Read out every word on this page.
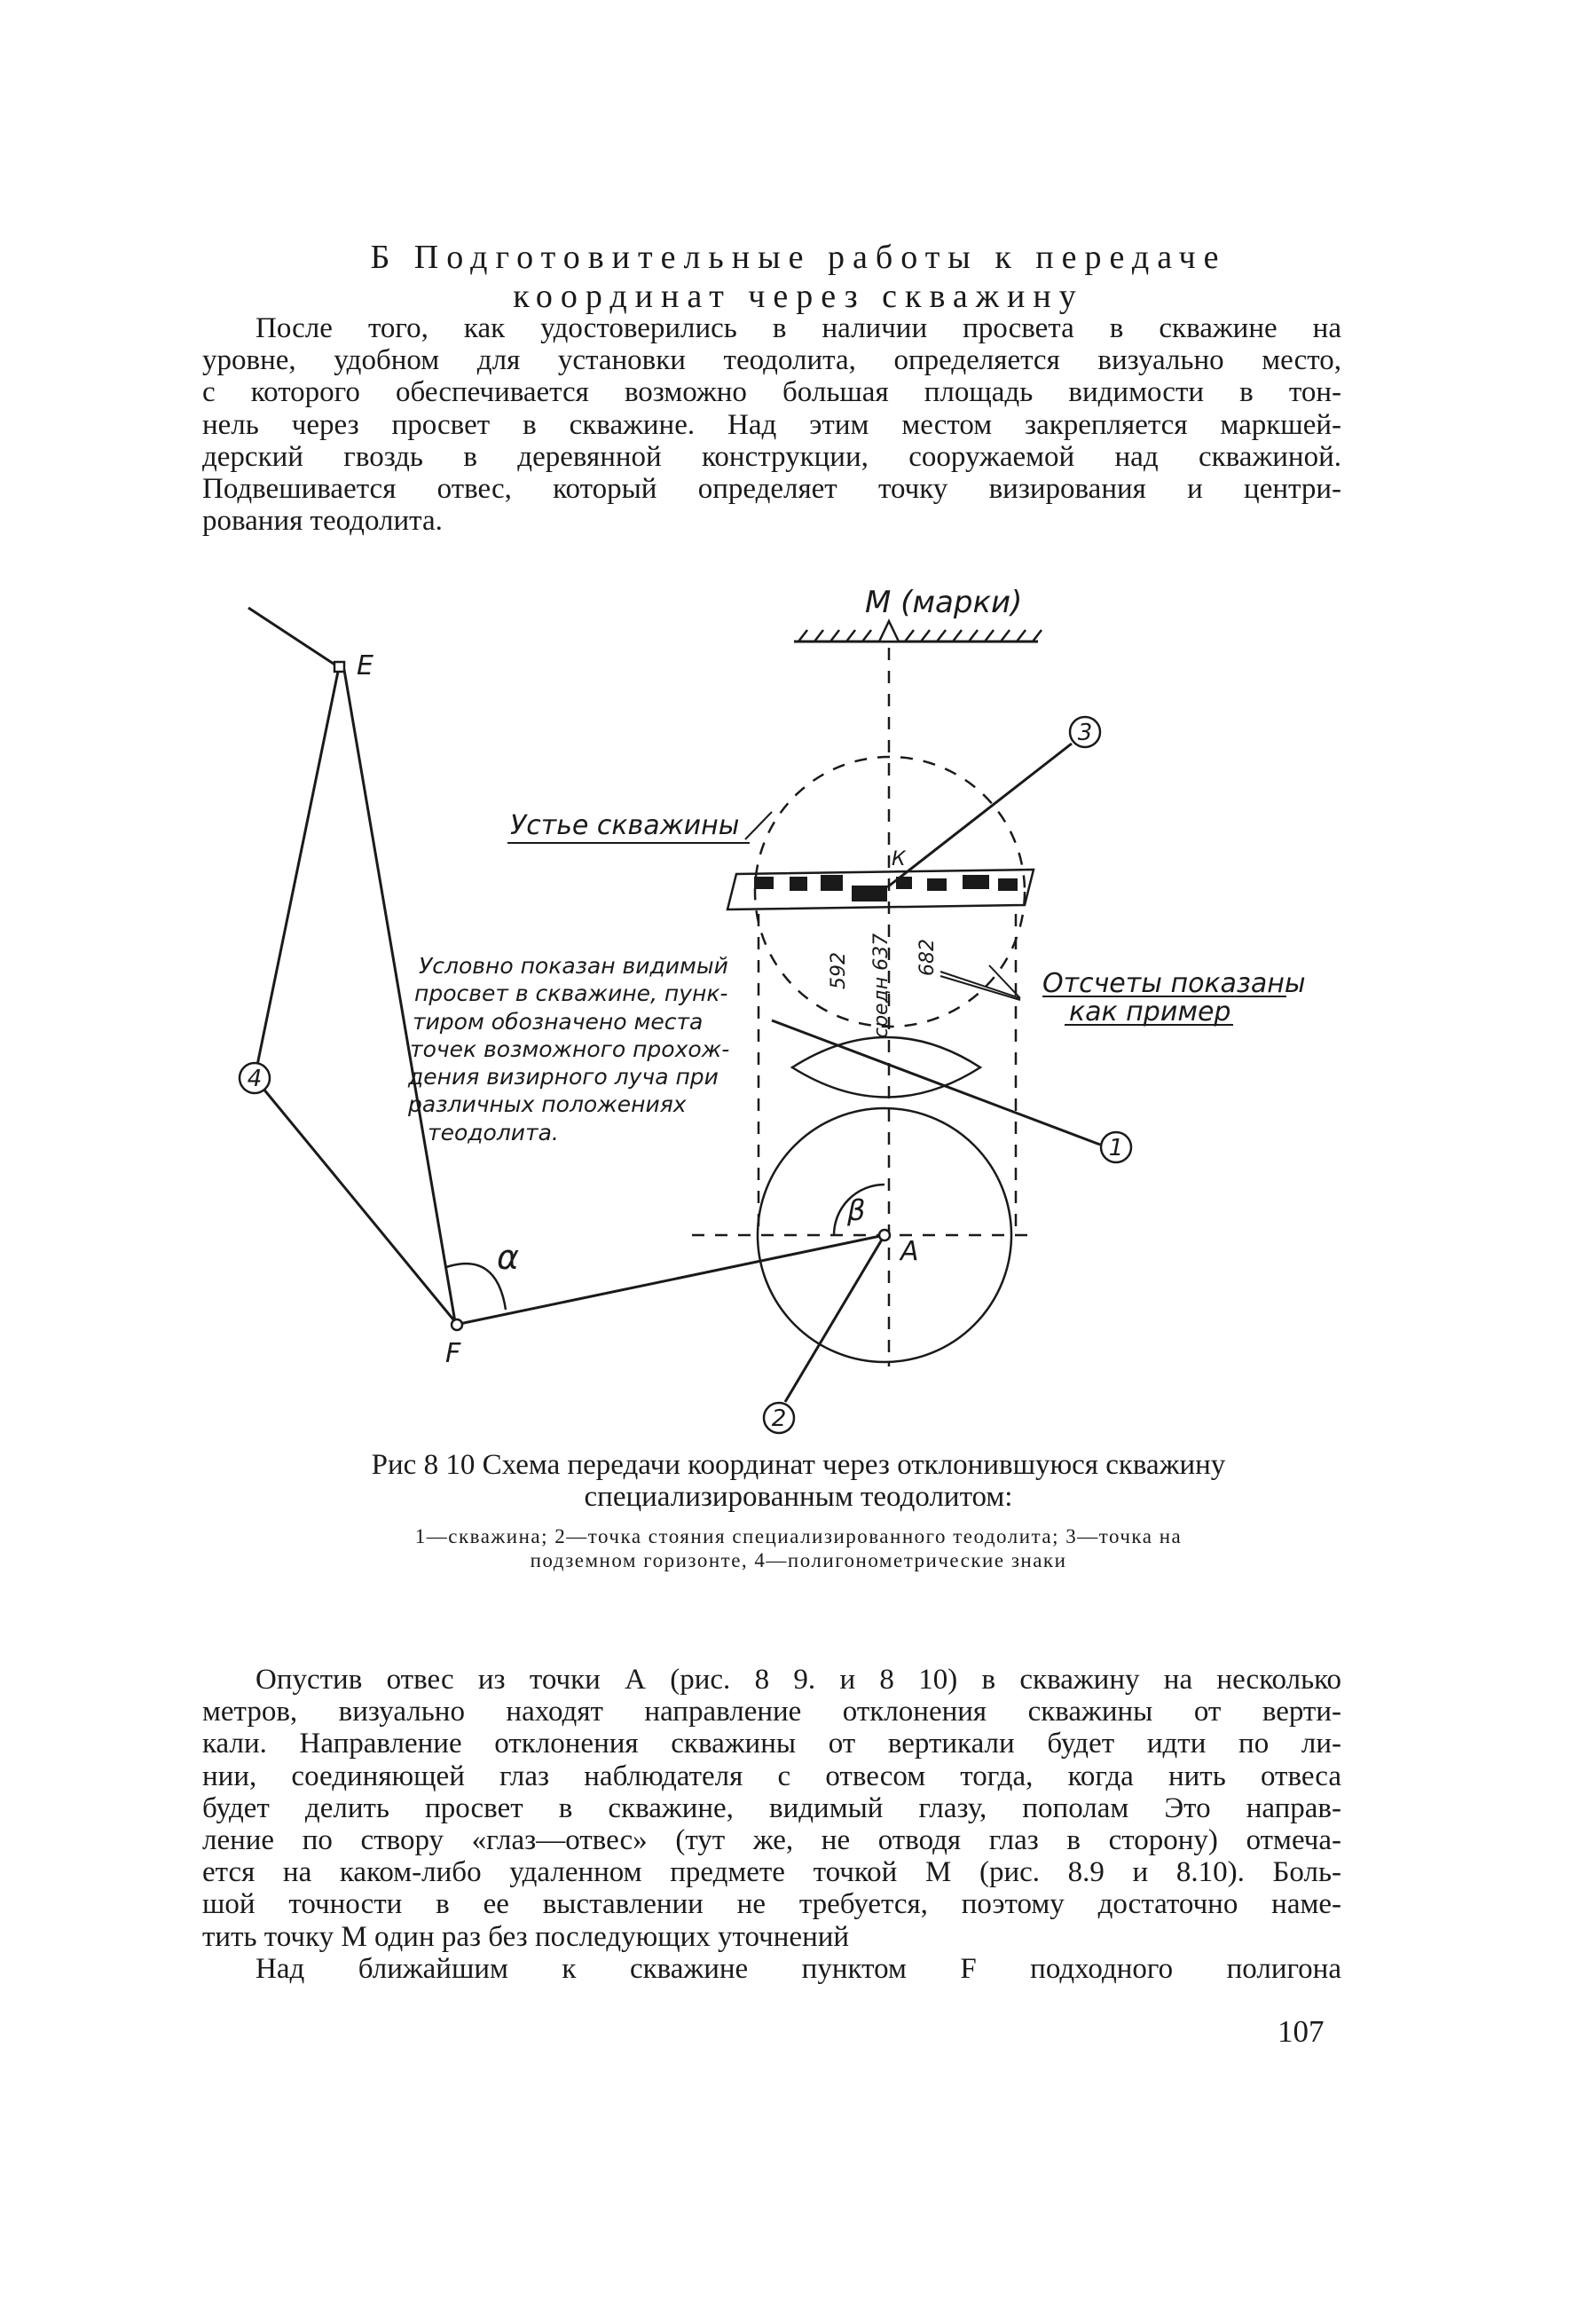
Б Подготовительные работы к передаче
координат через скважину
После того, как удостоверились в наличии просвета в скважине на
уровне, удобном для установки теодолита, определяется визуально место,
с которого обеспечивается возможно большая площадь видимости в тон-
нель через просвет в скважине. Над этим местом закрепляется маркшей-
дерский гвоздь в деревянной конструкции, сооружаемой над скважиной.
Подвешивается отвес, который определяет точку визирования и центри-
рования теодолита.
1
2
3
4
Е
F
А
К
α
β
М (марки)
Устье скважины
592 средн 637 682
Отсчеты показаны
как пример
Условно показан видимый
просвет в скважине, пунк-
тиром обозначено места
точек возможного прохож-
дения визирного луча при
различных положениях
теодолита.
Рис 8 10 Схема передачи координат через отклонившуюся скважину
специализированным теодолитом:
1—скважина; 2—точка стояния специализированного теодолита; 3—точка на
подземном горизонте, 4—полигонометрические знаки
Опустив отвес из точки А (рис. 8 9. и 8 10) в скважину на несколько
метров, визуально находят направление отклонения скважины от верти-
кали. Направление отклонения скважины от вертикали будет идти по ли-
нии, соединяющей глаз наблюдателя с отвесом тогда, когда нить отвеса
будет делить просвет в скважине, видимый глазу, пополам Это направ-
ление по створу «глаз—отвес» (тут же, не отводя глаз в сторону) отмеча-
ется на каком-либо удаленном предмете точкой М (рис. 8.9 и 8.10). Боль-
шой точности в ее выставлении не требуется, поэтому достаточно наме-
тить точку М один раз без последующих уточнений
Над ближайшим к скважине пунктом F подходного полигона
107
